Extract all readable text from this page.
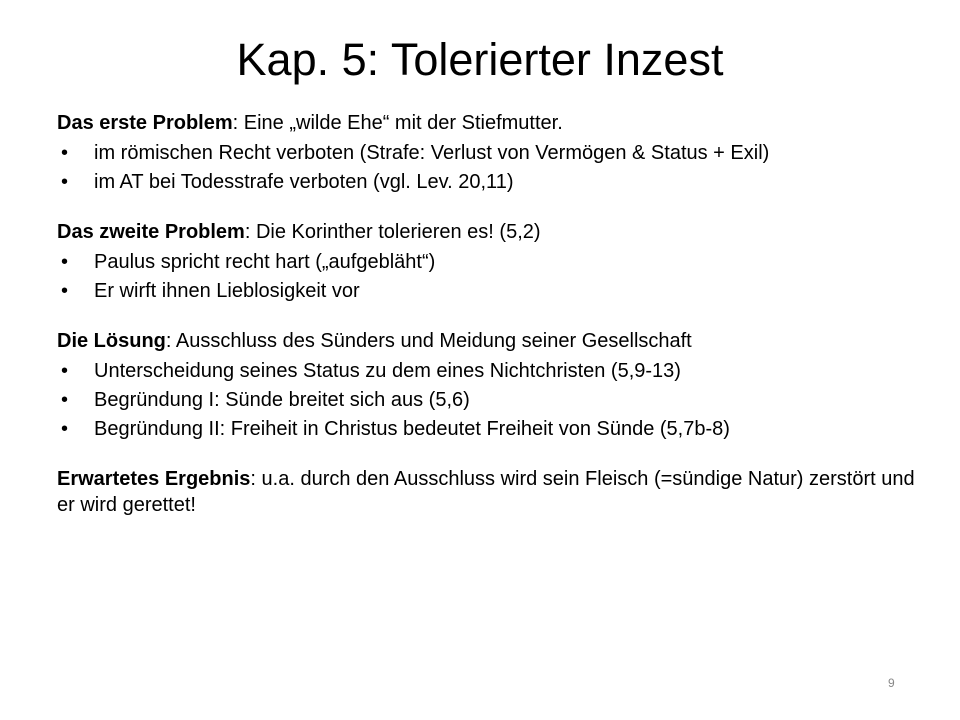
Kap. 5: Tolerierter Inzest

Das erste Problem: Eine „wilde Ehe“ mit der Stiefmutter.

• im römischen Recht verboten (Strafe: Verlust von Vermögen & Status + Exil)
• im AT bei Todesstrafe verboten (vgl. Lev. 20,11)

Das zweite Problem: Die Korinther tolerieren es! (5,2)

• Paulus spricht recht hart („aufgebläht“)
• Er wirft ihnen Lieblosigkeit vor

Die Lösung: Ausschluss des Sünders und Meidung seiner Gesellschaft

• Unterscheidung seines Status zu dem eines Nichtchristen (5,9-13)
• Begründung I: Sünde breitet sich aus (5,6)
• Begründung II: Freiheit in Christus bedeutet Freiheit von Sünde (5,7b-8)

Erwartetes Ergebnis: u.a. durch den Ausschluss wird sein Fleisch (=sündige Natur) zerstört und er wird gerettet!

9
